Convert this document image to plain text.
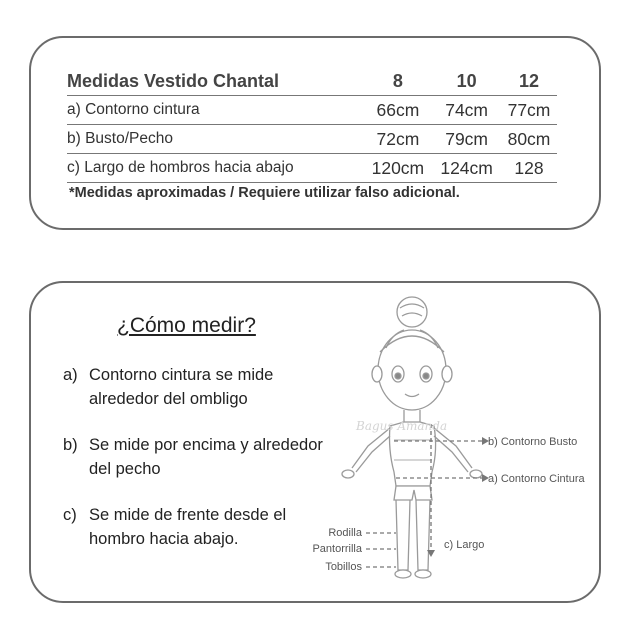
Medidas Vestido Chantal	8	10	12
a) Contorno cintura	66cm	74cm	77cm
b) Busto/Pecho	72cm	79cm	80cm
c) Largo de hombros hacia abajo	120cm	124cm	128
*Medidas aproximadas / Requiere utilizar falso adicional.
¿Cómo medir?
a) Contorno cintura se mide alrededor del ombligo
b) Se mide por encima y alrededor del pecho
c) Se mide de frente desde el hombro hacia abajo.
Bagus Amanda
b) Contorno Busto
a) Contorno Cintura
c) Largo
Rodilla
Pantorrilla
Tobillos
